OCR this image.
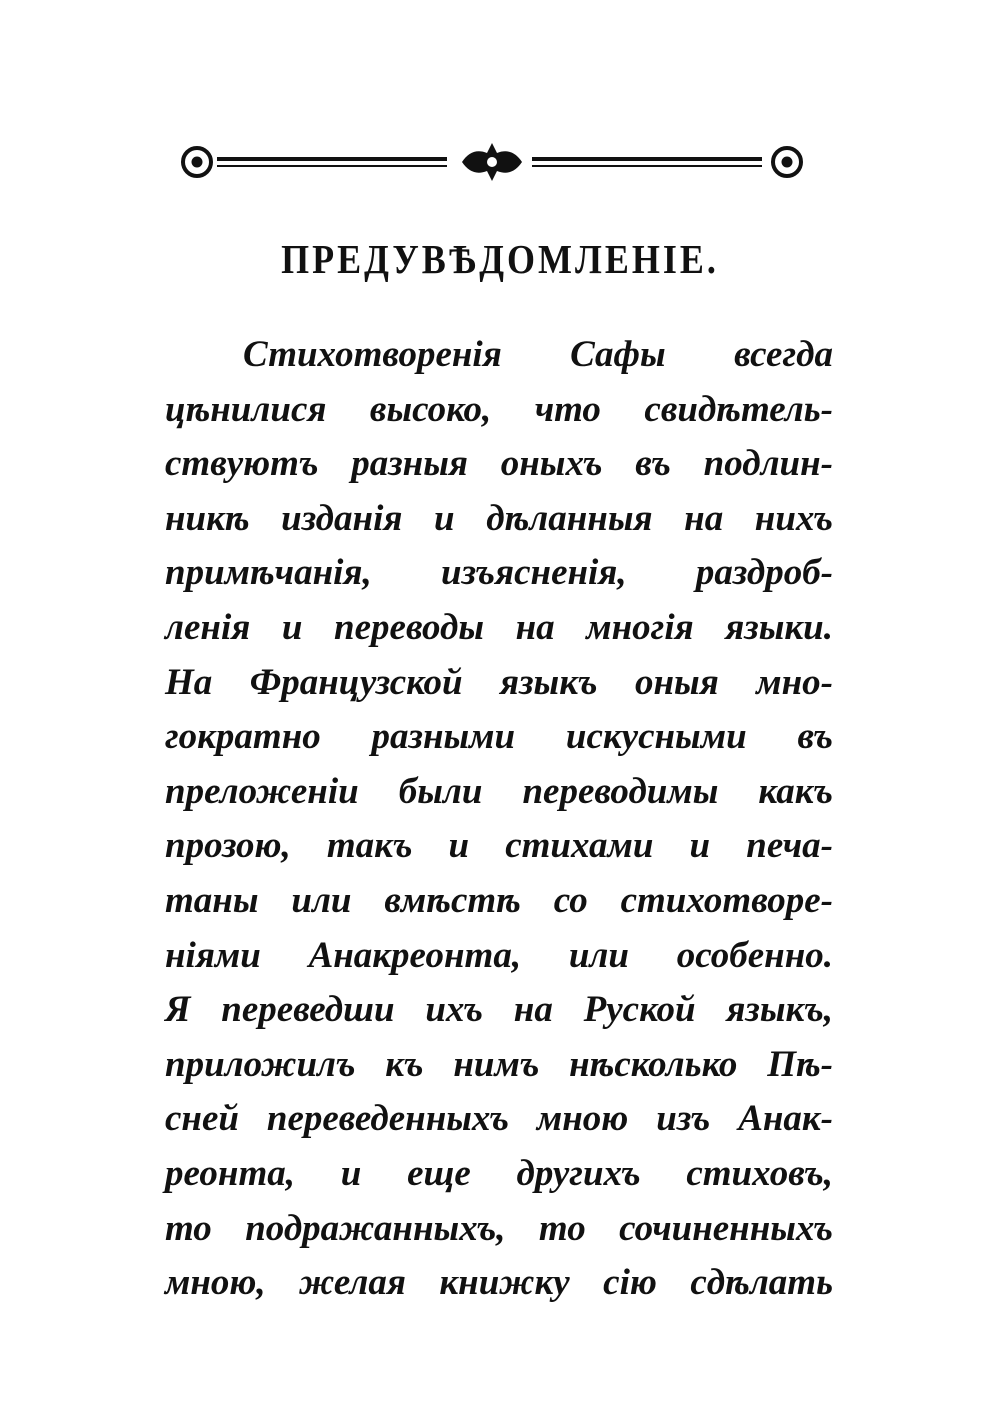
ПРЕДУВѢДОМЛЕНІЕ.
Стихотворенія Сафы всегда
цѣнилися высоко, что свидѣтель-
ствуютъ разныя оныхъ въ подлин-
никѣ изданія и дѣланныя на нихъ
примѣчанія, изъясненія, раздроб-
ленія и переводы на многія языки.
На Французской языкъ оныя мно-
гократно разными искусными въ
преложеніи были переводимы какъ
прозою, такъ и стихами и печа-
таны или вмѣстѣ со стихотворе-
ніями Анакреонта, или особенно.
Я переведши ихъ на Руской языкъ,
приложилъ къ нимъ нѣсколько Пѣ-
сней переведенныхъ мною изъ Анак-
реонта, и еще другихъ стиховъ,
то подражанныхъ, то сочиненныхъ
мною, желая книжку сію сдѣлать
